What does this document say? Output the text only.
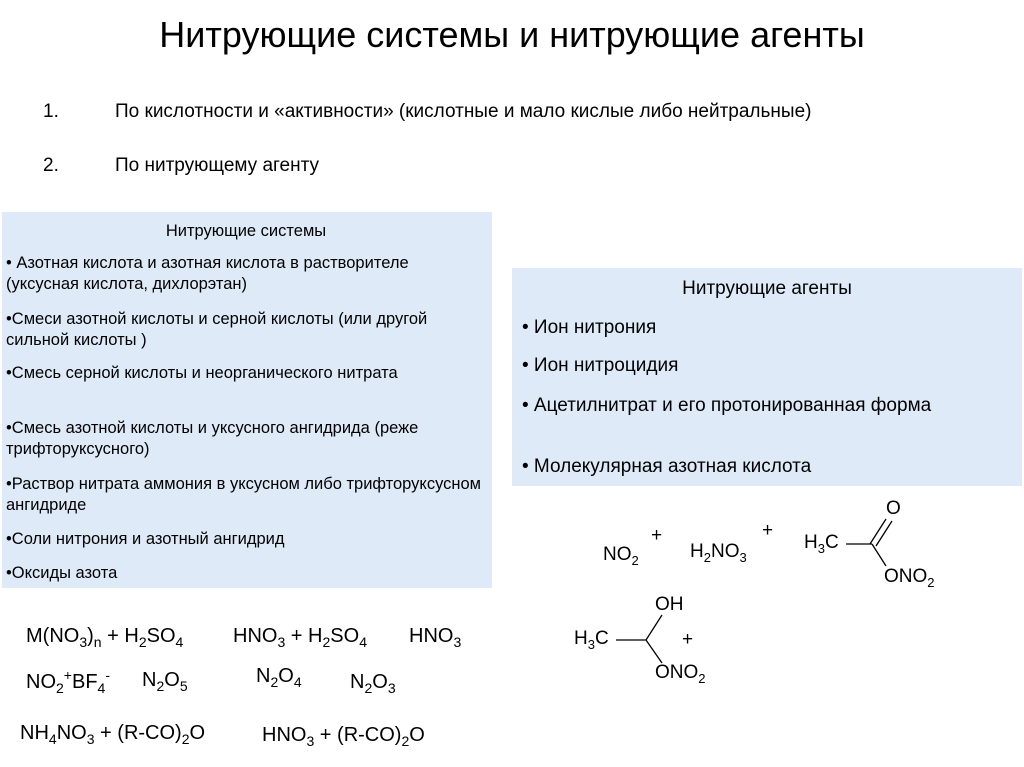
Нитрующие системы и нитрующие агенты
1.	По кислотности и «активности» (кислотные и мало кислые либо нейтральные)
2.	По нитрующему агенту
Нитрующие системы
• Азотная кислота и азотная кислота в растворителе (уксусная кислота, дихлорэтан)
•Смеси азотной кислоты и серной кислоты (или другой сильной кислоты )
•Смесь серной кислоты и неорганического нитрата
•Смесь азотной кислоты и уксусного ангидрида (реже трифторуксусного)
•Раствор нитрата аммония в уксусном либо трифторуксусном ангидриде
•Соли нитрония и азотный ангидрид
•Оксиды азота
Нитрующие агенты
• Ион нитрония
• Ион нитроцидия
• Ацетилнитрат и его протонированная форма
• Молекулярная азотная кислота
$M(NO_3)_n + H_2SO_4$ $HNO_3 + H_2SO_4$ $HNO_3$
$NO_2^+BF_4^-$ $N_2O_5$	$N_2O_4$ $N_2O_3$
$NH_4NO_3 + (R-CO)_2O$	$HNO_3 + (R-CO)_2O$
$NO_2$
+
$H_2NO_3$
+
$H_3C$
O
$ONO_2$
OH
$H_3C$	+
$ONO_2$
